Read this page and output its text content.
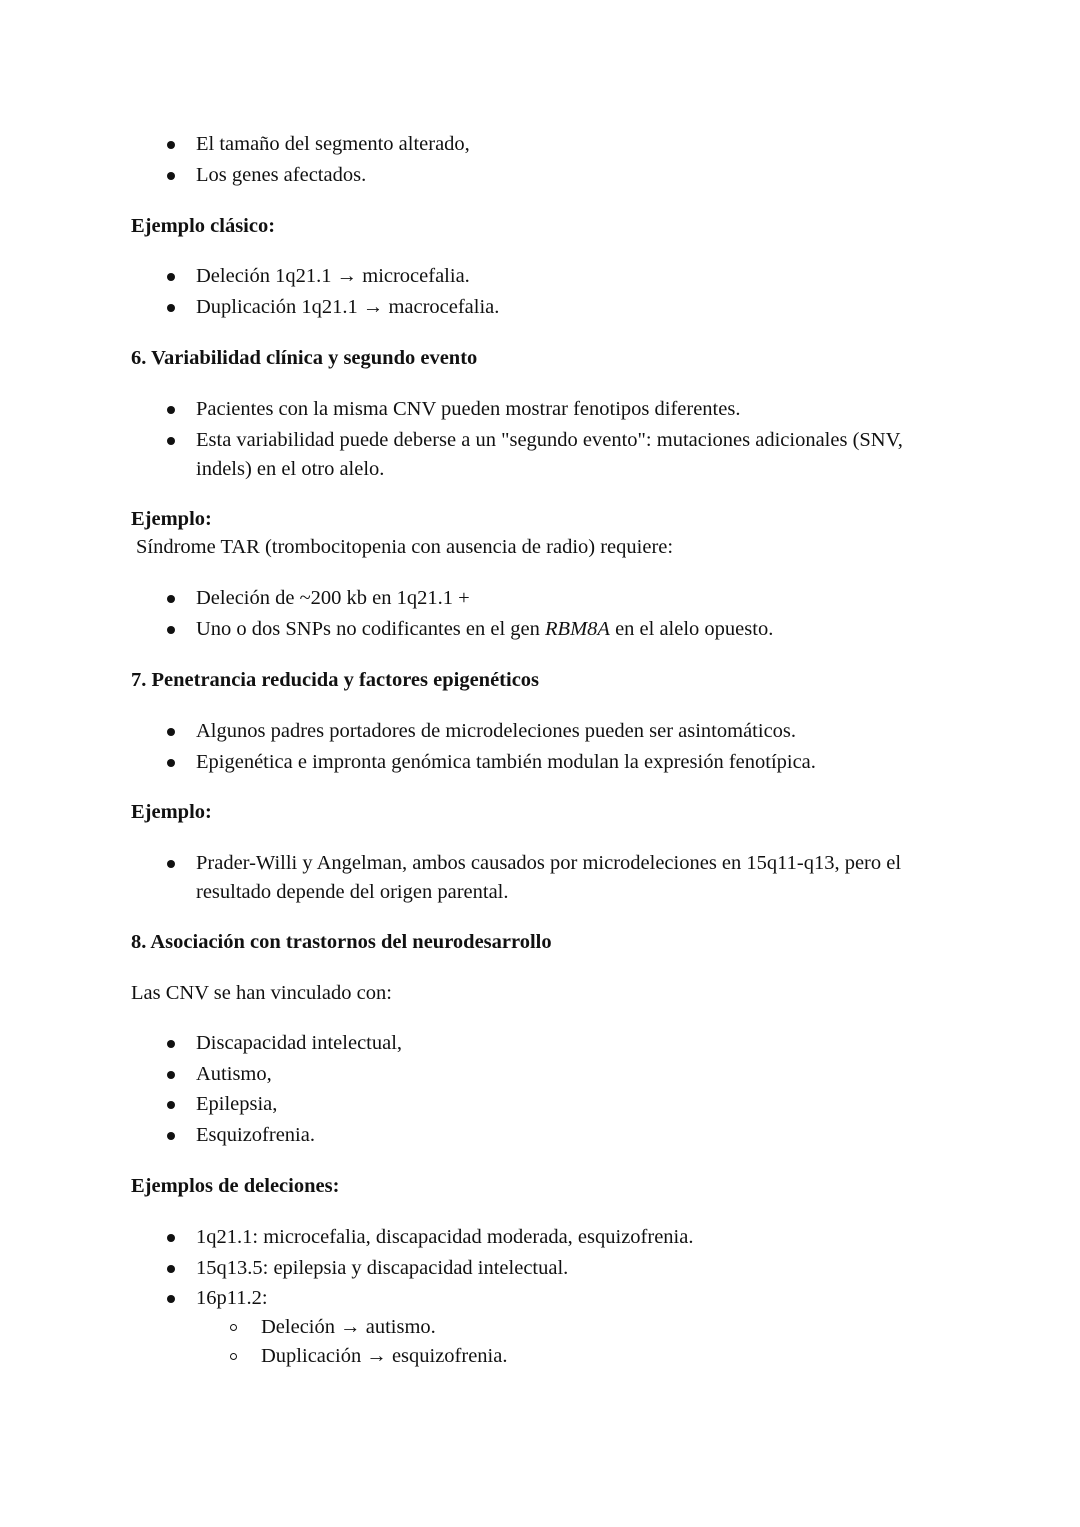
El tamaño del segmento alterado,
Los genes afectados.
Ejemplo clásico:
Deleción 1q21.1 → microcefalia.
Duplicación 1q21.1 → macrocefalia.
6. Variabilidad clínica y segundo evento
Pacientes con la misma CNV pueden mostrar fenotipos diferentes.
Esta variabilidad puede deberse a un "segundo evento": mutaciones adicionales (SNV, indels) en el otro alelo.
Ejemplo:
Síndrome TAR (trombocitopenia con ausencia de radio) requiere:
Deleción de ~200 kb en 1q21.1 +
Uno o dos SNPs no codificantes en el gen RBM8A en el alelo opuesto.
7. Penetrancia reducida y factores epigenéticos
Algunos padres portadores de microdeleciones pueden ser asintomáticos.
Epigenética e impronta genómica también modulan la expresión fenotípica.
Ejemplo:
Prader-Willi y Angelman, ambos causados por microdeleciones en 15q11-q13, pero el resultado depende del origen parental.
8. Asociación con trastornos del neurodesarrollo
Las CNV se han vinculado con:
Discapacidad intelectual,
Autismo,
Epilepsia,
Esquizofrenia.
Ejemplos de deleciones:
1q21.1: microcefalia, discapacidad moderada, esquizofrenia.
15q13.5: epilepsia y discapacidad intelectual.
16p11.2:
Deleción → autismo.
Duplicación → esquizofrenia.
